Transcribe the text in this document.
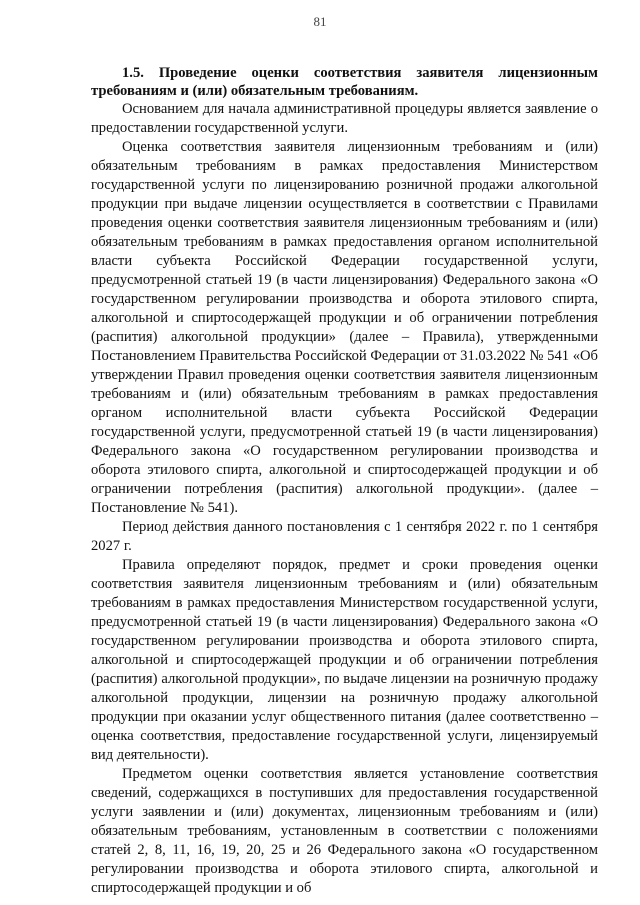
81

1.5. Проведение оценки соответствия заявителя лицензионным требованиям и (или) обязательным требованиям.

Основанием для начала административной процедуры является заявление о предоставлении государственной услуги.

Оценка соответствия заявителя лицензионным требованиям и (или) обязательным требованиям в рамках предоставления Министерством государственной услуги по лицензированию розничной продажи алкогольной продукции при выдаче лицензии осуществляется в соответствии с Правилами проведения оценки соответствия заявителя лицензионным требованиям и (или) обязательным требованиям в рамках предоставления органом исполнительной власти субъекта Российской Федерации государственной услуги, предусмотренной статьей 19 (в части лицензирования) Федерального закона «О государственном регулировании производства и оборота этилового спирта, алкогольной и спиртосодержащей продукции и об ограничении потребления (распития) алкогольной продукции» (далее – Правила), утвержденными Постановлением Правительства Российской Федерации от 31.03.2022 № 541 «Об утверждении Правил проведения оценки соответствия заявителя лицензионным требованиям и (или) обязательным требованиям в рамках предоставления органом исполнительной власти субъекта Российской Федерации государственной услуги, предусмотренной статьей 19 (в части лицензирования) Федерального закона «О государственном регулировании производства и оборота этилового спирта, алкогольной и спиртосодержащей продукции и об ограничении потребления (распития) алкогольной продукции». (далее – Постановление № 541).

Период действия данного постановления с 1 сентября 2022 г. по 1 сентября 2027 г.

Правила определяют порядок, предмет и сроки проведения оценки соответствия заявителя лицензионным требованиям и (или) обязательным требованиям в рамках предоставления Министерством государственной услуги, предусмотренной статьей 19 (в части лицензирования) Федерального закона «О государственном регулировании производства и оборота этилового спирта, алкогольной и спиртосодержащей продукции и об ограничении потребления (распития) алкогольной продукции», по выдаче лицензии на розничную продажу алкогольной продукции, лицензии на розничную продажу алкогольной продукции при оказании услуг общественного питания (далее соответственно – оценка соответствия, предоставление государственной услуги, лицензируемый вид деятельности).

Предметом оценки соответствия является установление соответствия сведений, содержащихся в поступивших для предоставления государственной услуги заявлении и (или) документах, лицензионным требованиям и (или) обязательным требованиям, установленным в соответствии с положениями статей 2, 8, 11, 16, 19, 20, 25 и 26 Федерального закона «О государственном регулировании производства и оборота этилового спирта, алкогольной и спиртосодержащей продукции и об
